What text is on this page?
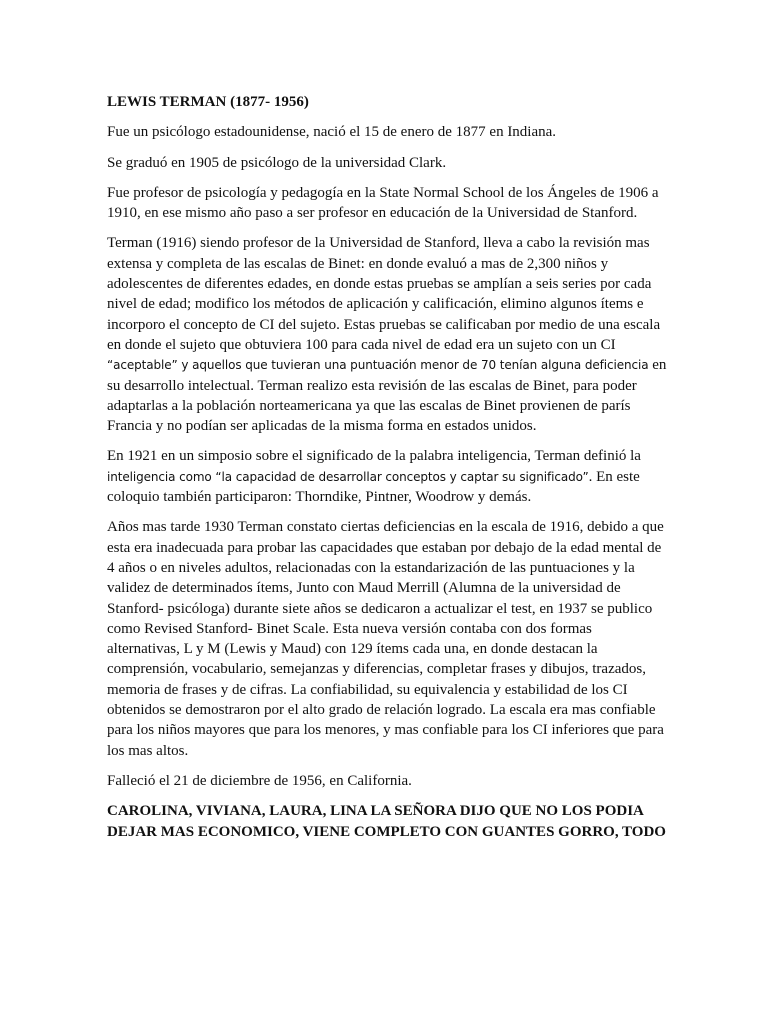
LEWIS TERMAN (1877- 1956)

Fue un psicólogo estadounidense, nació el 15 de enero de 1877 en Indiana.

Se graduó en 1905 de psicólogo de la universidad Clark.

Fue profesor de psicología y pedagogía en la State Normal School de los Ángeles de 1906 a 1910, en ese mismo año paso a ser profesor en educación de la Universidad de Stanford.

Terman (1916) siendo profesor de la Universidad de Stanford, lleva a cabo la revisión mas extensa y completa de las escalas de Binet: en donde evaluó a mas de 2,300 niños y adolescentes de diferentes edades, en donde estas pruebas se amplían a seis series por cada nivel de edad; modifico los métodos de aplicación y calificación, elimino algunos ítems e incorporo el concepto de CI del sujeto. Estas pruebas se calificaban por medio de una escala en donde el sujeto que obtuviera 100 para cada nivel de edad era un sujeto con un CI “aceptable” y aquellos que tuvieran una puntuación menor de 70 tenían alguna deficiencia en su desarrollo intelectual. Terman realizo esta revisión de las escalas de Binet, para poder adaptarlas a la población norteamericana ya que las escalas de Binet provienen de parís Francia y no podían ser aplicadas de la misma forma en estados unidos.

En 1921 en un simposio sobre el significado de la palabra inteligencia, Terman definió la inteligencia como “la capacidad de desarrollar conceptos y captar su significado”. En este coloquio también participaron: Thorndike, Pintner, Woodrow y demás.

Años mas tarde 1930 Terman constato ciertas deficiencias en la escala de 1916, debido a que esta era inadecuada para probar las capacidades que estaban por debajo de la edad mental de 4 años o en niveles adultos, relacionadas con la estandarización de las puntuaciones y la validez de determinados ítems, Junto con Maud Merrill (Alumna de la universidad de Stanford- psicóloga) durante siete años se dedicaron a actualizar el test, en 1937 se publico como Revised Stanford- Binet Scale. Esta nueva versión contaba con dos formas alternativas, L y M (Lewis y Maud) con 129 ítems cada una, en donde destacan la comprensión, vocabulario, semejanzas y diferencias, completar frases y dibujos, trazados, memoria de frases y de cifras. La confiabilidad, su equivalencia y estabilidad de los CI obtenidos se demostraron por el alto grado de relación logrado. La escala era mas confiable para los niños mayores que para los menores, y mas confiable para los CI inferiores que para los mas altos.

Falleció el 21 de diciembre de 1956, en California.

CAROLINA, VIVIANA, LAURA, LINA LA SEÑORA DIJO QUE NO LOS PODIA DEJAR MAS ECONOMICO, VIENE COMPLETO CON GUANTES GORRO, TODO
